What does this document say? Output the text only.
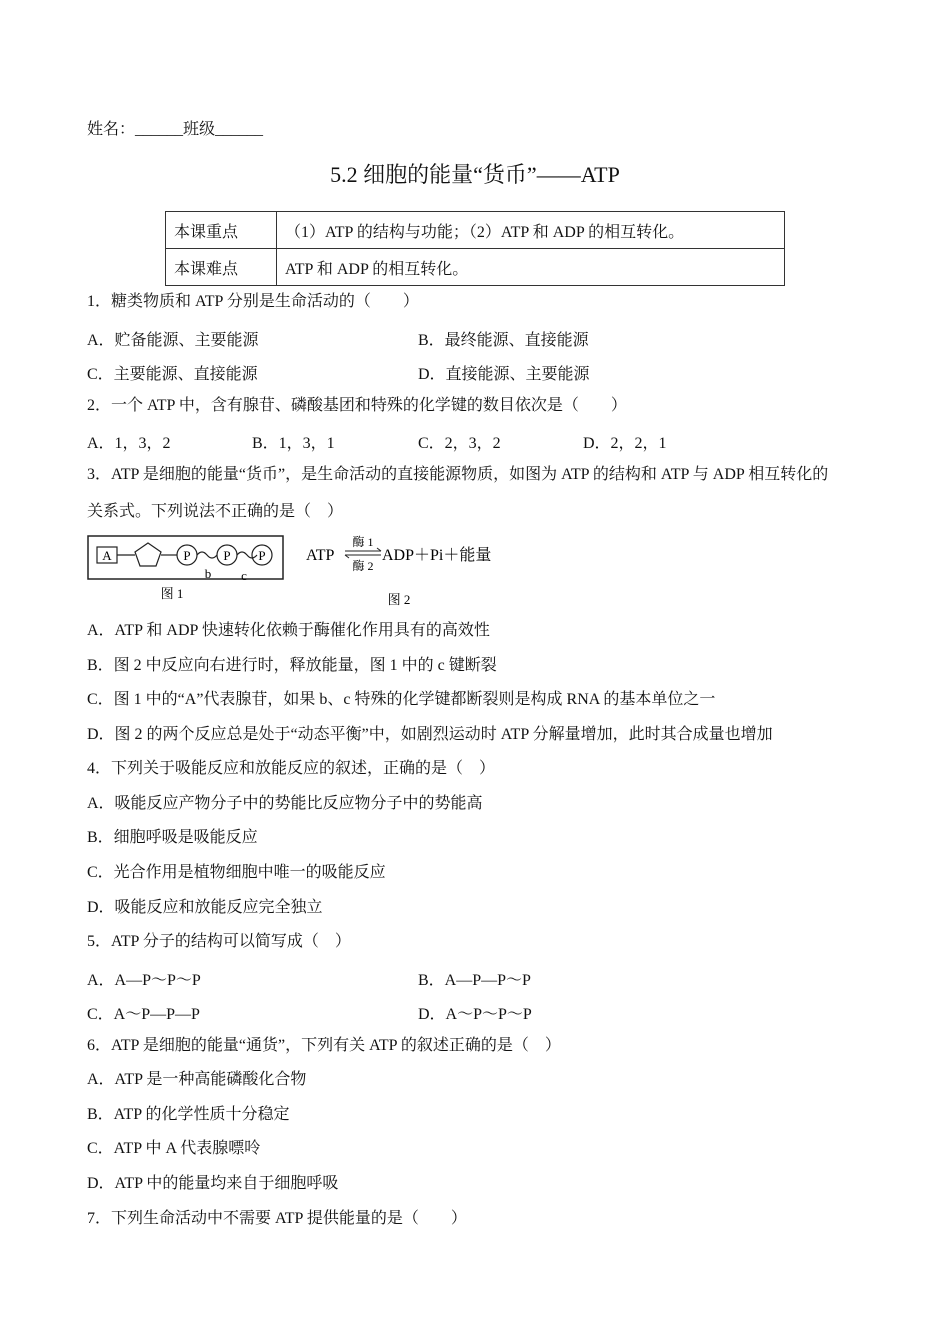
姓名：______班级______
5.2 细胞的能量“货币”——ATP
本课重点	（1）ATP 的结构与功能；（2）ATP 和 ADP 的相互转化。
本课难点	ATP 和 ADP 的相互转化。
1．糖类物质和 ATP 分别是生命活动的（　　）
A．贮备能源、主要能源	B．最终能源、直接能源
C．主要能源、直接能源	D．直接能源、主要能源
2．一个 ATP 中，含有腺苷、磷酸基团和特殊的化学键的数目依次是（　　）
A．1，3，2	B．1，3，1	C．2，3，2	D．2，2，1
3．ATP 是细胞的能量“货币”，是生命活动的直接能源物质，如图为 ATP 的结构和 ATP 与 ADP 相互转化的
关系式。下列说法不正确的是（　）
A	P	P P
b c
图 1
ATP
酶 1
酶 2
ADP＋Pi＋能量
图 2
A．ATP 和 ADP 快速转化依赖于酶催化作用具有的高效性
B．图 2 中反应向右进行时，释放能量，图 1 中的 c 键断裂
C．图 1 中的“A”代表腺苷，如果 b、c 特殊的化学键都断裂则是构成 RNA 的基本单位之一
D．图 2 的两个反应总是处于“动态平衡”中，如剧烈运动时 ATP 分解量增加，此时其合成量也增加
4．下列关于吸能反应和放能反应的叙述，正确的是（　）
A．吸能反应产物分子中的势能比反应物分子中的势能高
B．细胞呼吸是吸能反应
C．光合作用是植物细胞中唯一的吸能反应
D．吸能反应和放能反应完全独立
5．ATP 分子的结构可以简写成（　）
A．A—P～P～P	B．A—P—P～P
C．A～P—P—P	D．A～P～P～P
6．ATP 是细胞的能量“通货”，下列有关 ATP 的叙述正确的是（　）
A．ATP 是一种高能磷酸化合物
B．ATP 的化学性质十分稳定
C．ATP 中 A 代表腺嘌呤
D．ATP 中的能量均来自于细胞呼吸
7．下列生命活动中不需要 ATP 提供能量的是（　　）
